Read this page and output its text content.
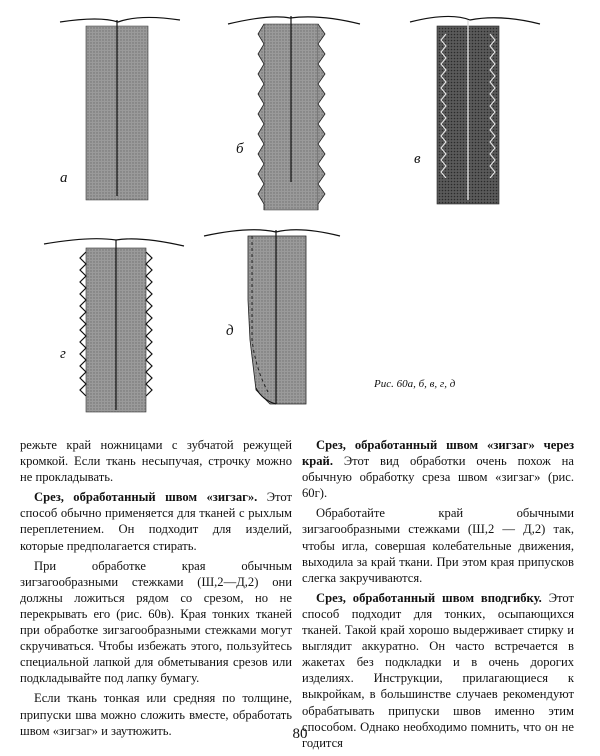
а
б
в
г
д
Рис. 60а, б, в, г, д

режьте край ножницами с зубчатой режущей кромкой. Если ткань несыпучая, строчку можно не прокладывать.

Срез, обработанный швом «зигзаг». Этот способ обычно применяется для тканей с рыхлым переплетением. Он подходит для изделий, которые предполагается стирать.

При обработке края обычным зигзагообразными стежками (Ш,2—Д,2) они должны ложиться рядом со срезом, но не перекрывать его (рис. 60в). Края тонких тканей при обработке зигзагообразными стежками могут скручиваться. Чтобы избежать этого, пользуйтесь специальной лапкой для обметывания срезов или подкладывайте под лапку бумагу.

Если ткань тонкая или средняя по толщине, припуски шва можно сложить вместе, обработать швом «зигзаг» и заутюжить.

Срез, обработанный швом «зигзаг» через край. Этот вид обработки очень похож на обычную обработку среза швом «зигзаг» (рис. 60г).

Обработайте край обычными зигзагообразными стежками (Ш,2 — Д,2) так, чтобы игла, совершая колебательные движения, выходила за край ткани. При этом края припусков слегка закручиваются.

Срез, обработанный швом вподгибку. Этот способ подходит для тонких, осыпающихся тканей. Такой край хорошо выдерживает стирку и выглядит аккуратно. Он часто встречается в жакетах без подкладки и в очень дорогих изделиях. Инструкции, прилагающиеся к выкройкам, в большинстве случаев рекомендуют обрабатывать припуски швов именно этим способом. Однако необходимо помнить, что он не годится

80
